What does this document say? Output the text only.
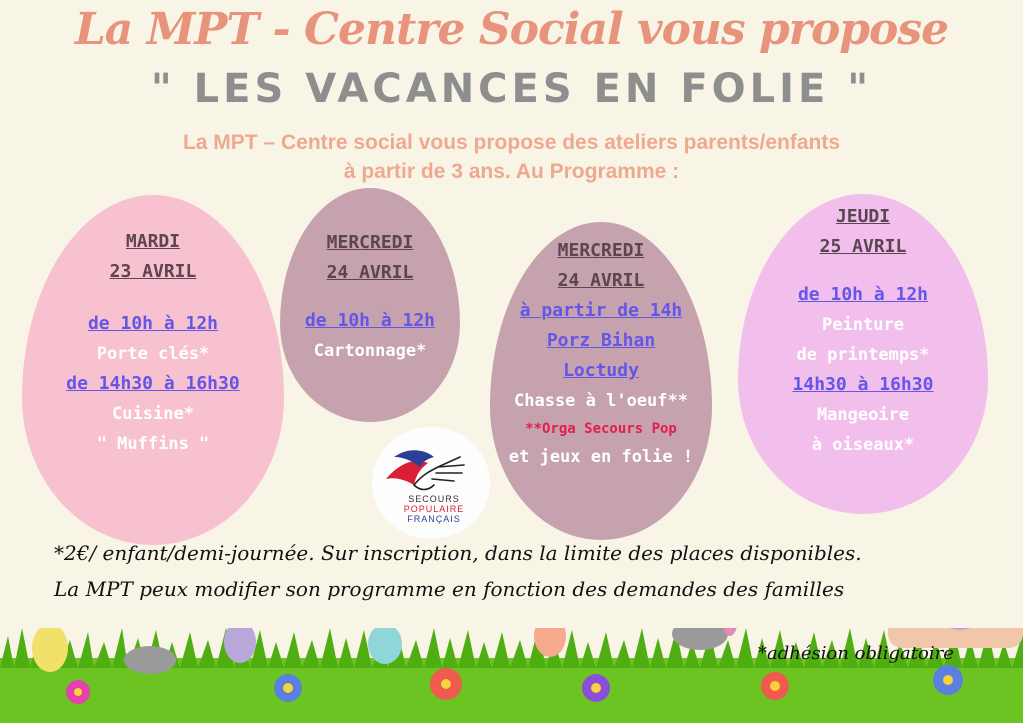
La MPT - Centre Social vous propose
" LES VACANCES EN FOLIE "
La MPT – Centre social vous propose des ateliers parents/enfants
à partir de 3 ans. Au Programme :
MARDI
23 AVRIL
de 10h à 12h
Porte clés*
de 14h30 à 16h30
Cuisine*
" Muffins "
MERCREDI
24 AVRIL
de 10h à 12h
Cartonnage*
MERCREDI
24 AVRIL
à partir de 14h
Porz Bihan
Loctudy
Chasse à l'oeuf**
**Orga Secours Pop
et jeux en folie !
JEUDI
25 AVRIL
de 10h à 12h
Peinture
de printemps*
14h30 à 16h30
Mangeoire
à oiseaux*
SECOURS
POPULAIRE
FRANÇAIS
*2€/ enfant/demi-journée. Sur inscription, dans la limite des places disponibles.
La MPT peux modifier son programme en fonction des demandes des familles
*adhésion obligatoire
